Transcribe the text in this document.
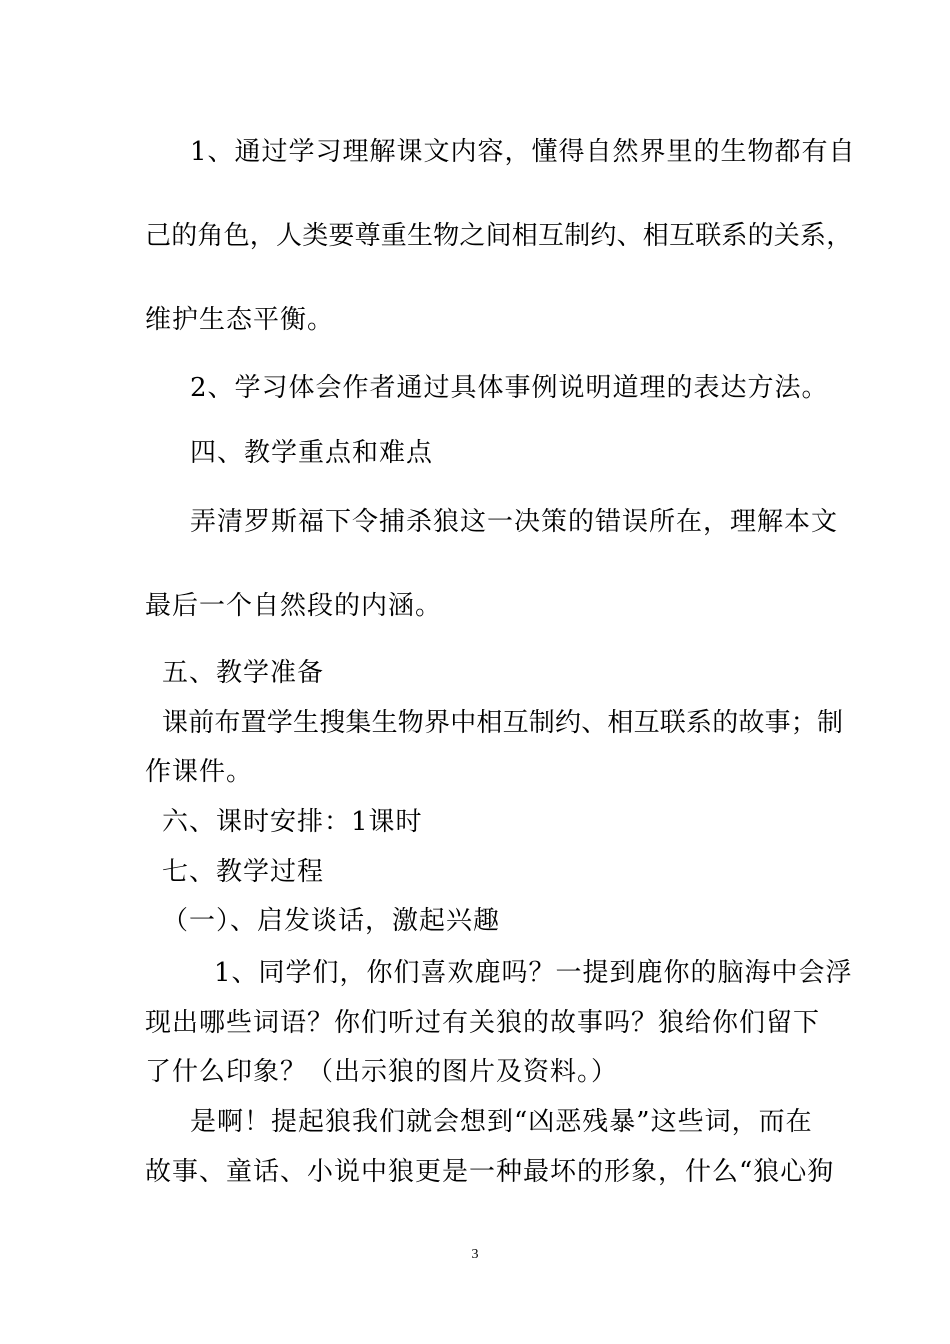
1、通过学习理解课文内容，懂得自然界里的生物都有自
己的角色，人类要尊重生物之间相互制约、相互联系的关系，
维护生态平衡。
2、学习体会作者通过具体事例说明道理的表达方法。
四、教学重点和难点
弄清罗斯福下令捕杀狼这一决策的错误所在，理解本文
最后一个自然段的内涵。
五、教学准备
课前布置学生搜集生物界中相互制约、相互联系的故事；制
作课件。
六、课时安排：1课时
七、教学过程
（一）、启发谈话，激起兴趣
1、同学们，你们喜欢鹿吗？一提到鹿你的脑海中会浮
现出哪些词语？你们听过有关狼的故事吗？狼给你们留下
了什么印象？（出示狼的图片及资料。）
是啊！提起狼我们就会想到“凶恶残暴”这些词，而在
故事、童话、小说中狼更是一种最坏的形象，什么“狼心狗
3
